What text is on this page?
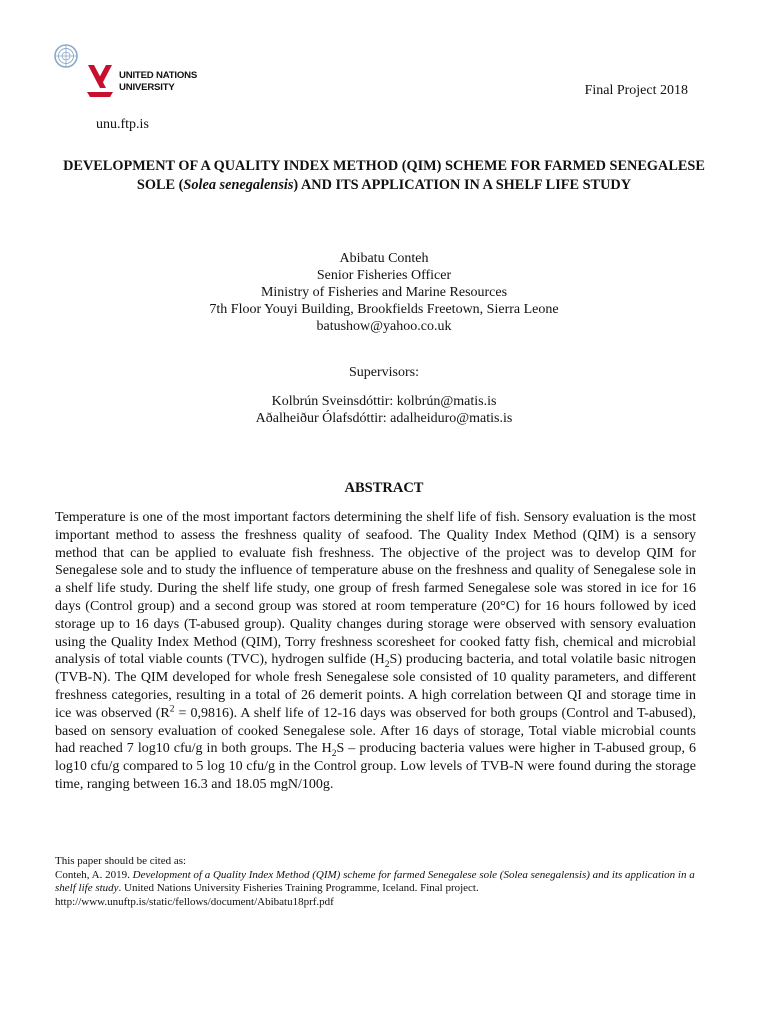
UNITED NATIONS
UNIVERSITY	Final Project 2018
unu.ftp.is
DEVELOPMENT OF A QUALITY INDEX METHOD (QIM) SCHEME FOR FARMED SENEGALESE SOLE (Solea senegalensis) AND ITS APPLICATION IN A SHELF LIFE STUDY
Abibatu Conteh
Senior Fisheries Officer
Ministry of Fisheries and Marine Resources
7th Floor Youyi Building, Brookfields Freetown, Sierra Leone
batushow@yahoo.co.uk
Supervisors:
Kolbrún Sveinsdóttir: kolbrún@matis.is
Aðalheiður Ólafsdóttir: adalheiduro@matis.is
ABSTRACT
Temperature is one of the most important factors determining the shelf life of fish. Sensory evaluation is the most important method to assess the freshness quality of seafood. The Quality Index Method (QIM) is a sensory method that can be applied to evaluate fish freshness. The objective of the project was to develop QIM for Senegalese sole and to study the influence of temperature abuse on the freshness and quality of Senegalese sole in a shelf life study. During the shelf life study, one group of fresh farmed Senegalese sole was stored in ice for 16 days (Control group) and a second group was stored at room temperature (20°C) for 16 hours followed by iced storage up to 16 days (T-abused group). Quality changes during storage were observed with sensory evaluation using the Quality Index Method (QIM), Torry freshness scoresheet for cooked fatty fish, chemical and microbial analysis of total viable counts (TVC), hydrogen sulfide $(H_2S)$ producing bacteria, and total volatile basic nitrogen (TVB-N). The QIM developed for whole fresh Senegalese sole consisted of 10 quality parameters, and different freshness categories, resulting in a total of 26 demerit points. A high correlation between QI and storage time in ice was observed $(R^2 = 0,9816)$. A shelf life of 12-16 days was observed for both groups (Control and T-abused), based on sensory evaluation of cooked Senegalese sole. After 16 days of storage, Total viable microbial counts had reached 7 log10 cfu/g in both groups. The $H_2S$ – producing bacteria values were higher in T-abused group, 6 log10 cfu/g compared to 5 log 10 cfu/g in the Control group. Low levels of TVB-N were found during the storage time, ranging between 16.3 and 18.05 mgN/100g.
This paper should be cited as:
Conteh, A. 2019. Development of a Quality Index Method (QIM) scheme for farmed Senegalese sole (Solea senegalensis) and its application in a shelf life study. United Nations University Fisheries Training Programme, Iceland. Final project.
http://www.unuftp.is/static/fellows/document/Abibatu18prf.pdf
